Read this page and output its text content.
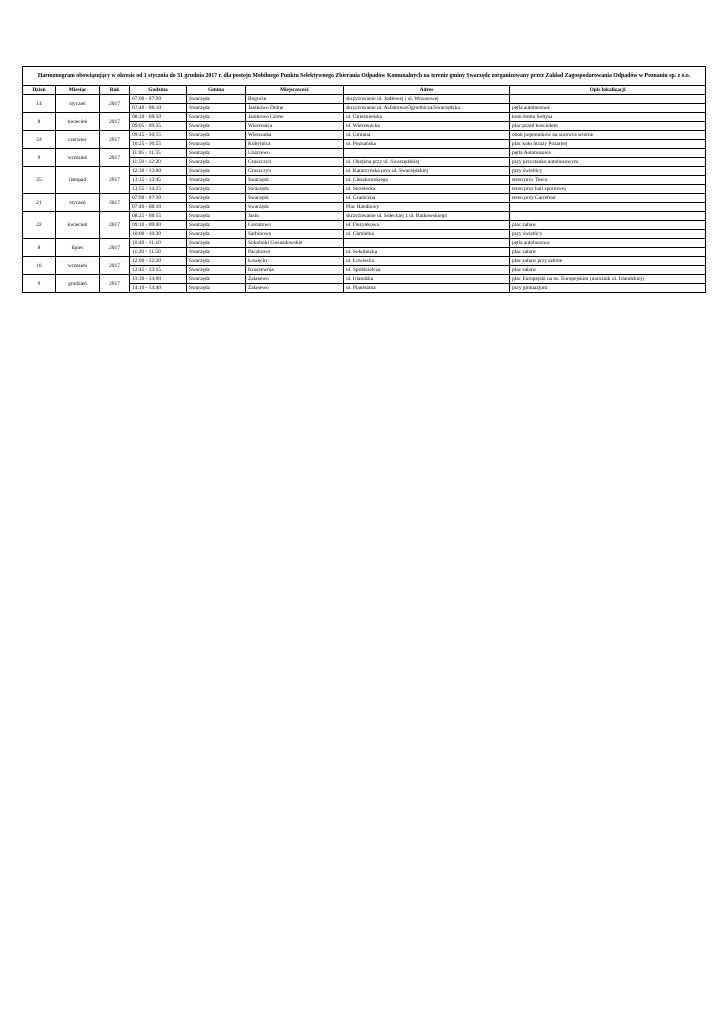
Harmonogram obowiązujący w okresie od 1 stycznia do 31 grudnia 2017 r. dla postoju Mobilnego Punktu Selektywnego Zbierania Odpadów Komunalnych na terenie gminy Swarzędz zorganizowany przez Zakład Zagospodarowania Odpadów w Poznaniu sp. z o.o.							
Dzień	Miesiąc	Rok	Godzina	Gmina	Miejscowość	Adres	Opis lokalizacji
14	styczeń	2017	07:00 - 07:30	Swarzędz	Bogucin	skrzyżowanie ul. Jodłowej i ul. Wrzosowej	
			07:40 - 08:10	Swarzędz	Janikowo Dolne	skrzyżowanie ul. Asfaltowa/Ogrodnicza/Swarzędzka	pętla autobusowa
8	kwiecień	2017	08:20 - 08:50	Swarzędz	Janikowo Górne	ul. Gnieźnieńska	koło domu Sołtysa
			09:05 - 09:35	Swarzędz	Wierzenica	ul. Wierzenicka	plac przed kościołem
24	czerwiec	2017	09:45 - 10:15	Swarzędz	Wierzonka	ul. Gminna	obok pojemników na surowce wtórne
			10:25 - 10:55	Swarzędz	Kobylnica	ul. Poznańska	plac koło Straży Pożarnej
9	wrzesień	2017	11:05 - 11:35	Swarzędz	Uzarzewo		pętla Autobusowa
			11:50 - 12:20	Swarzędz	Gruszczyn	ul. Okrężna przy ul. Swarzędzkiej	przy przystanku autobusowym
25	listopad	2017	12:30 - 13:00	Swarzędz	Gruszczyn	ul. Katarzyńska przy ul. Swarzędzkiej	przy świetlicy
			13:15 - 13:45	Swarzędz	Swarzędz	ul. Cieszkowskiego	teren przy Tesco
			13:55 - 14:25	Swarzędz	Swarzędz	ul. Strzelecka	teren przy hali sportowej
21	styczeń	2017	07:00 - 07:30	Swarzędz	Swarzędz	ul. Graniczna	teren przy Carrefour
			07:40 - 08:10	Swarzędz	Swarzędz	Plac Handlowy	
22	kwiecień	2017	08:25 - 08:55	Swarzędz	Jasin	skrzyżowanie ul. Sołeckiej z ul. Rutkowskiego	
			09:10 - 09:40	Swarzędz	Gortatowo	ul. Dożynkowa	plac zabaw
			10:00 - 10:30	Swarzędz	Sarbinowo	ul. Chmielna	przy świetlicy
8	lipiec	2017	10:40 - 11:10	Swarzędz	Sokolniki Gwiazdowskie		pętla autobusowa
			11:20 - 11:50	Swarzędz	Paczkowo	ul. Sokolnicka	plac zabaw
16	wrzesień	2017	12:00 - 12:30	Swarzędz	Łowęcin	ul. Łowiecka	plac zabaw przy szkole
			12:45 - 13:15	Swarzędz	Kruszewnia	ul. Spółdzielcza	plac zabaw
9	grudzień	2017	13:30 - 14:00	Swarzędz	Zalasewo	ul. Irlandzka	plac Europejski na os. Europejskim (narożnik ul. Irlandzkiej)
			14:10 - 14:40	Swarzędz	Zalasewo	ul. Planetarna	przy gimnazjum
